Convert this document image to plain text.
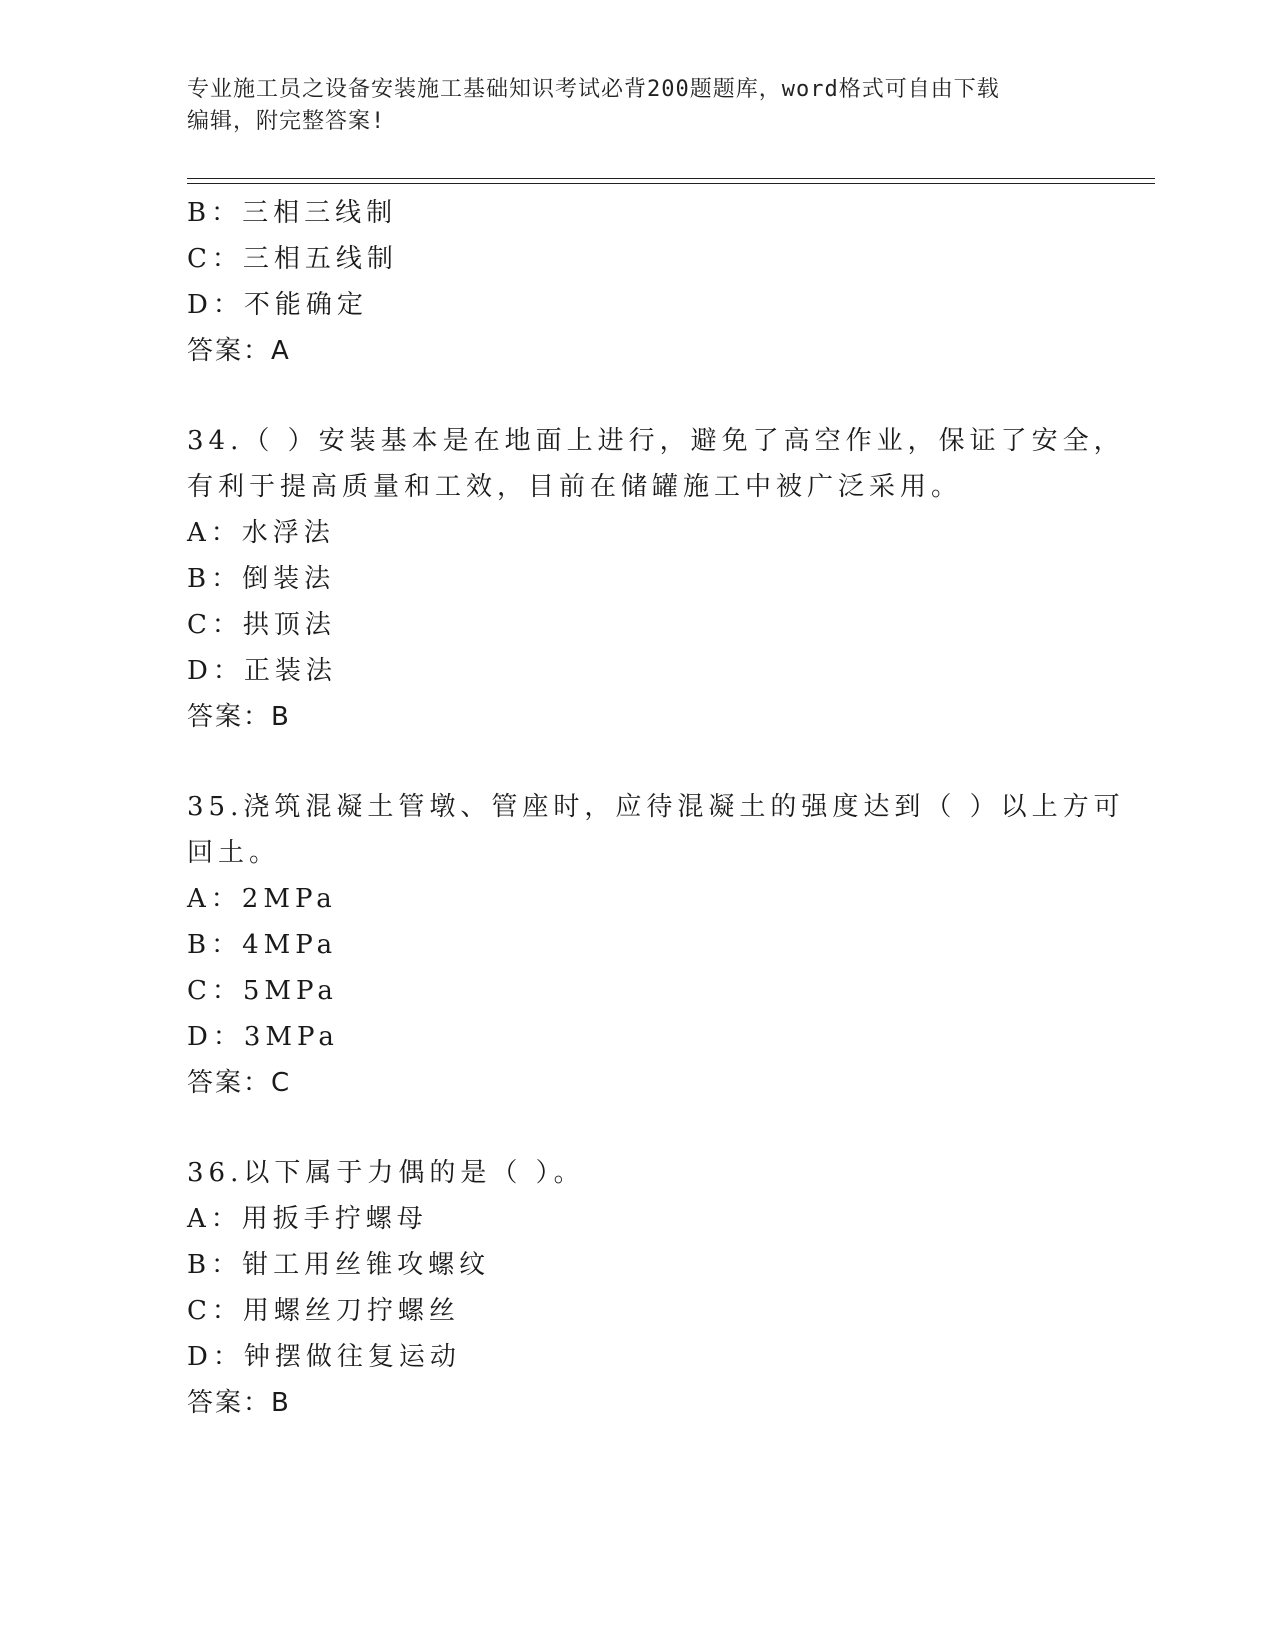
专业施工员之设备安装施工基础知识考试必背200题题库，word格式可自由下载
编辑，附完整答案!
B：三相三线制
C：三相五线制
D：不能确定
答案：A
34.（ ）安装基本是在地面上进行，避免了高空作业，保证了安全，
有利于提高质量和工效，目前在储罐施工中被广泛采用。
A：水浮法
B：倒装法
C：拱顶法
D：正装法
答案：B
35.浇筑混凝土管墩、管座时，应待混凝土的强度达到（ ）以上方可
回土。
A：2MPa
B：4MPa
C：5MPa
D：3MPa
答案：C
36.以下属于力偶的是（ ）。
A：用扳手拧螺母
B：钳工用丝锥攻螺纹
C：用螺丝刀拧螺丝
D：钟摆做往复运动
答案：B
